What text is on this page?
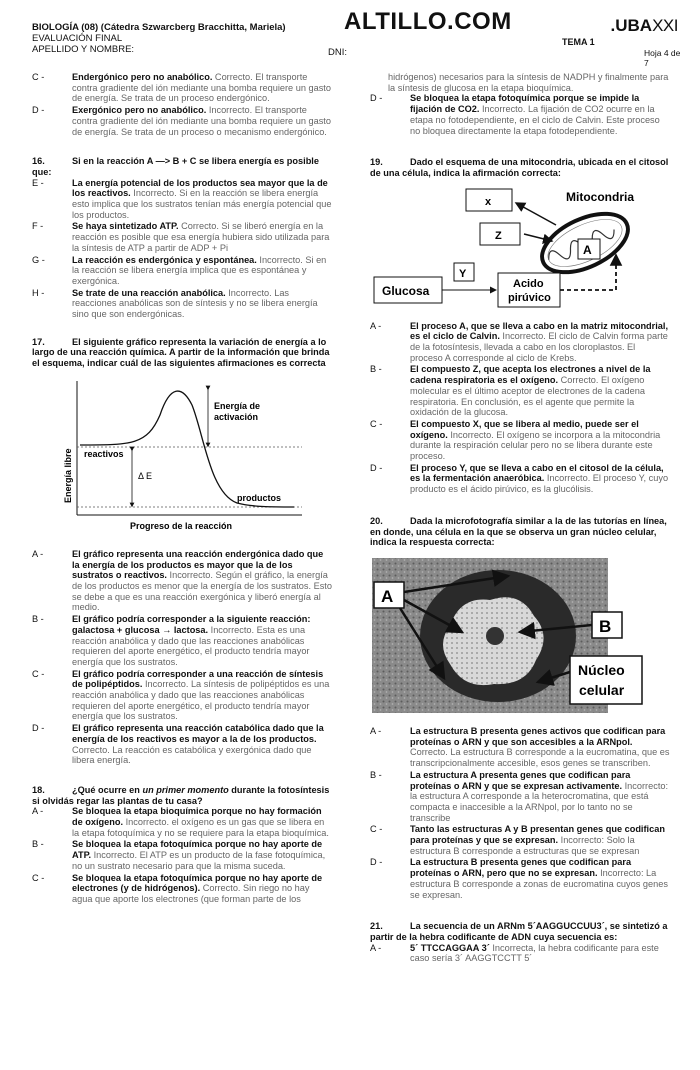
BIOLOGÍA (08) (Cátedra Szwarcberg Bracchitta, Mariela)
EVALUACIÓN FINAL
APELLIDO Y NOMBRE:
ALTILLO.COM	.UBAXXI
TEMA 1
DNI:	Hoja 4 de 7
C -	Endergónico pero no anabólico. Correcto. El transporte contra gradiente del ión mediante una bomba requiere un gasto de energía. Se trata de un proceso endergónico.
D -	Exergónico pero no anabólico. Incorrecto. El transporte contra gradiente del ión mediante una bomba requiere un gasto de energía. Se trata de un proceso o mecanismo endergónico.

16.	Si en la reacción A —> B + C se libera energía es posible que:

E -	La energía potencial de los productos sea mayor que la de los reactivos. Incorrecto. Si en la reacción se libera energía esto implica que los sustratos tenían más energía potencial que los productos.
F -	Se haya sintetizado ATP. Correcto. Si se liberó energía en la reacción es posible que esa energía hubiera sido utilizada para la síntesis de ATP a partir de ADP + Pi
G -	La reacción es endergónica y espontánea. Incorrecto. Si en la reacción se libera energía implica que es espontánea y exergónica.
H -	Se trate de una reacción anabólica. Incorrecto. Las reacciones anabólicas son de síntesis y no se libera energía sino que son endergónicas.

17.	El siguiente gráfico representa la variación de energía a lo largo de una reacción química. A partir de la información que brinda el esquema, indicar cuál de las siguientes afirmaciones es correcta

Energía libre
Progreso de la reacción
reactivos
productos
Δ E
Energía de
activación
A -	El gráfico representa una reacción endergónica dado que la energía de los productos es mayor que la de los sustratos o reactivos. Incorrecto. Según el gráfico, la energía de los productos es menor que la energía de los sustratos. Esto se debe a que es una reacción exergónica y liberó energía al medio.
B -	El gráfico podría corresponder a la siguiente reacción: galactosa + glucosa → lactosa. Incorrecto. Esta es una reacción anabólica y dado que las reacciones anabólicas requieren del aporte energético, el producto tendría mayor energía que los sustratos.
C -	El gráfico podría corresponder a una reacción de síntesis de polipéptidos. Incorrecto. La síntesis de polipéptidos es una reacción anabólica y dado que las reacciones anabólicas requieren del aporte energético, el producto tendría mayor energía que los sustratos.
D -	El gráfico representa una reacción catabólica dado que la energía de los reactivos es mayor a la de los productos. Correcto. La reacción es catabólica y exergónica dado que libera energía.

18.	¿Qué ocurre en un primer momento durante la fotosíntesis si olvidás regar las plantas de tu casa?

A -	Se bloquea la etapa bioquímica porque no hay formación de oxígeno. Incorrecto. el oxígeno es un gas que se libera en la etapa fotoquímica y no se requiere para la etapa bioquímica.
B -	Se bloquea la etapa fotoquímica porque no hay aporte de ATP. Incorrecto. El ATP es un producto de la fase fotoquímica, no un sustrato necesario para que la misma suceda.
C -	Se bloquea la etapa fotoquímica porque no hay aporte de electrones (y de hidrógenos). Correcto. Sin riego no hay agua que aporte los electrones (que forman parte de los
hidrógenos) necesarios para la síntesis de NADPH y finalmente para la síntesis de glucosa en la etapa bioquímica.
D -	Se bloquea la etapa fotoquímica porque se impide la fijación de CO2. Incorrecto. La fijación de CO2 ocurre en la etapa no fotodependiente, en el ciclo de Calvin. Este proceso no bloquea directamente la etapa fotodependiente.

19.	Dado el esquema de una mitocondria, ubicada en el citosol de una célula, indica la afirmación correcta:

x
Z
Mitocondria
A
Y
Glucosa	Acido
pirúvico
A -	El proceso A, que se lleva a cabo en la matriz mitocondrial, es el ciclo de Calvin. Incorrecto. El ciclo de Calvin forma parte de la fotosíntesis, llevada a cabo en los cloroplastos. El proceso A corresponde al ciclo de Krebs.
B -	El compuesto Z, que acepta los electrones a nivel de la cadena respiratoria es el oxígeno. Correcto. El oxígeno molecular es el último aceptor de electrones de la cadena respiratoria. En conclusión, es el agente que permite la oxidación de la glucosa.
C -	El compuesto X, que se libera al medio, puede ser el oxígeno. Incorrecto. El oxígeno se incorpora a la mitocondria durante la respiración celular pero no se libera durante este proceso.
D -	El proceso Y, que se lleva a cabo en el citosol de la célula, es la fermentación anaeróbica. Incorrecto. El proceso Y, cuyo producto es el ácido pirúvico, es la glucólisis.

20.	Dada la microfotografía similar a la de las tutorías en línea, en donde, una célula en la que se observa un gran núcleo celular, indica la respuesta correcta:

A
B
Núcleo
celular
A -	La estructura B presenta genes activos que codifican para proteínas o ARN y que son accesibles a la ARNpol. Correcto. La estructura B corresponde a la eucromatina, que es transcripcionalmente accesible, esos genes se transcriben.
B -	La estructura A presenta genes que codifican para proteínas o ARN y que se expresan activamente. Incorrecto: la estructura A corresponde a la heterocromatina, que está compacta e inaccesible a la ARNpol, por lo tanto no se transcribe
C -	Tanto las estructuras A y B presentan genes que codifican para proteínas y que se expresan. Incorrecto: Solo la estructura B corresponde a estructuras que se expresan
D -	La estructura B presenta genes que codifican para proteínas o ARN, pero que no se expresan. Incorrecto: La estructura B corresponde a zonas de eucromatina cuyos genes se expresan.

21.	La secuencia de un ARNm 5´AAGGUCCUU3´, se sintetizó a partir de la hebra codificante de ADN cuya secuencia es:

A -	5´ TTCCAGGAA 3´ Incorrecta, la hebra codificante para este caso sería 3´ AAGGTCCTT 5´
